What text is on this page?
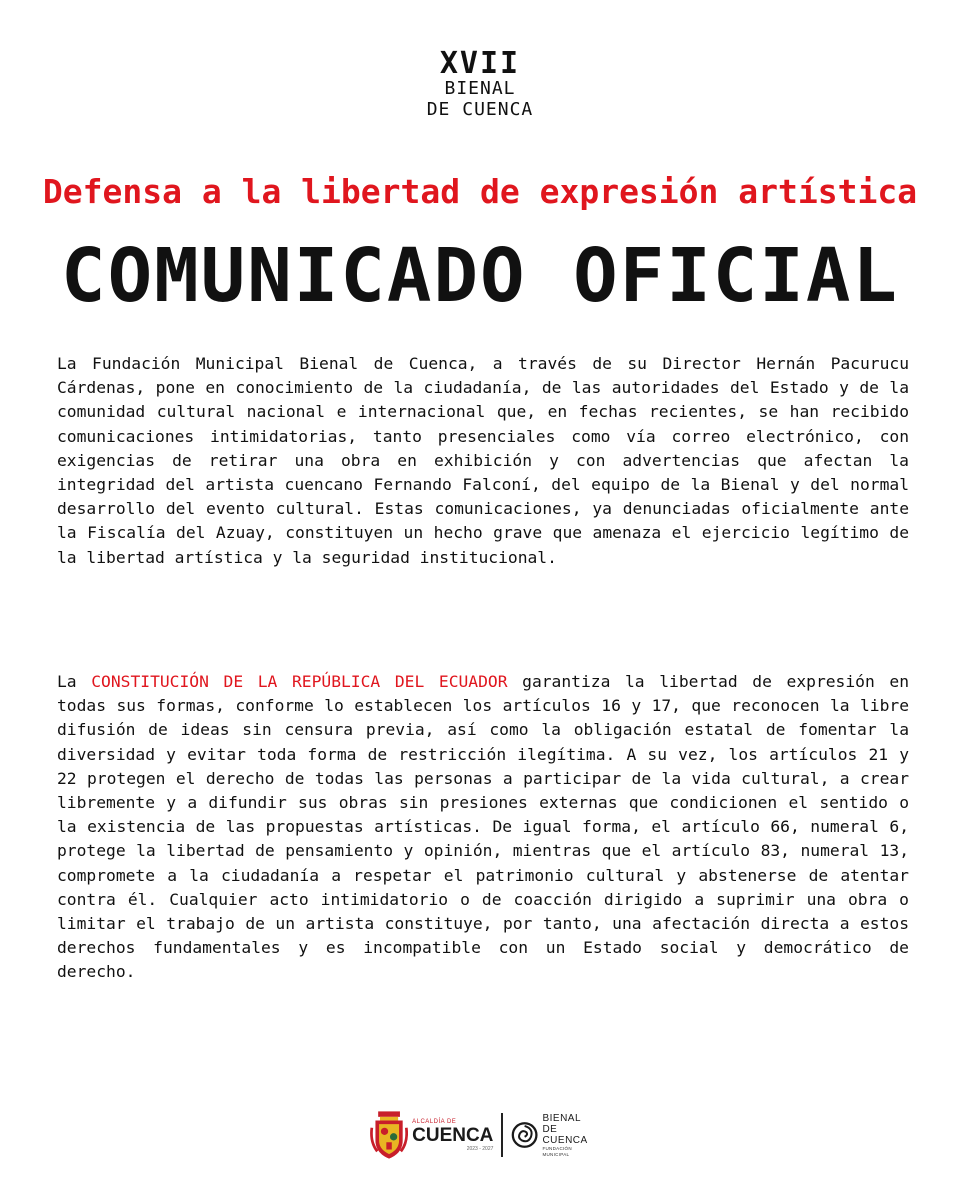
XVII
BIENAL
DE CUENCA
Defensa a la libertad de expresión artística
COMUNICADO OFICIAL
La Fundación Municipal Bienal de Cuenca, a través de su Director Hernán Pacurucu Cárdenas, pone en conocimiento de la ciudadanía, de las autoridades del Estado y de la comunidad cultural nacional e internacional que, en fechas recientes, se han recibido comunicaciones intimidatorias, tanto presenciales como vía correo electrónico, con exigencias de retirar una obra en exhibición y con advertencias que afectan la integridad del artista cuencano Fernando Falconí, del equipo de la Bienal y del normal desarrollo del evento cultural. Estas comunicaciones, ya denunciadas oficialmente ante la Fiscalía del Azuay, constituyen un hecho grave que amenaza el ejercicio legítimo de la libertad artística y la seguridad institucional.
La CONSTITUCIÓN DE LA REPÚBLICA DEL ECUADOR garantiza la libertad de expresión en todas sus formas, conforme lo establecen los artículos 16 y 17, que reconocen la libre difusión de ideas sin censura previa, así como la obligación estatal de fomentar la diversidad y evitar toda forma de restricción ilegítima. A su vez, los artículos 21 y 22 protegen el derecho de todas las personas a participar de la vida cultural, a crear libremente y a difundir sus obras sin presiones externas que condicionen el sentido o la existencia de las propuestas artísticas. De igual forma, el artículo 66, numeral 6, protege la libertad de pensamiento y opinión, mientras que el artículo 83, numeral 13, compromete a la ciudadanía a respetar el patrimonio cultural y abstenerse de atentar contra él. Cualquier acto intimidatorio o de coacción dirigido a suprimir una obra o limitar el trabajo de un artista constituye, por tanto, una afectación directa a estos derechos fundamentales y es incompatible con un Estado social y democrático de derecho.
ALCALDÍA DE
CUENCA
2023 - 2027
BIENAL
DE CUENCA
FUNDACIÓN MUNICIPAL
